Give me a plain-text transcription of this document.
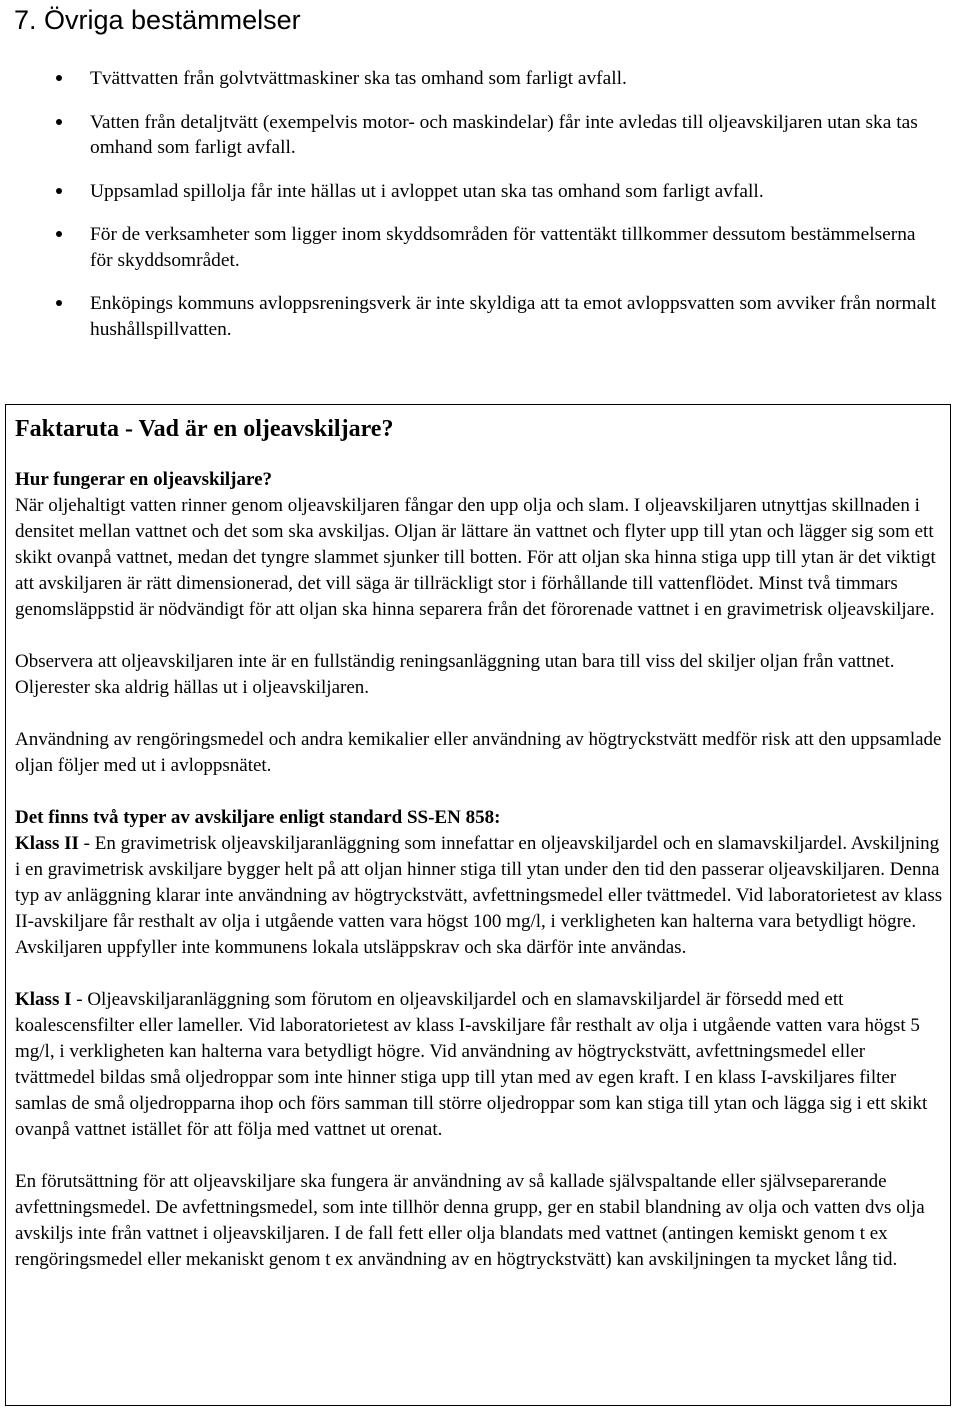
7. Övriga bestämmelser
Tvättvatten från golvtvättmaskiner ska tas omhand som farligt avfall.
Vatten från detaljtvätt (exempelvis motor- och maskindelar) får inte avledas till oljeavskiljaren utan ska tas omhand som farligt avfall.
Uppsamlad spillolja får inte hällas ut i avloppet utan ska tas omhand som farligt avfall.
För de verksamheter som ligger inom skyddsområden för vattentäkt tillkommer dessutom bestämmelserna för skyddsområdet.
Enköpings kommuns avloppsreningsverk är inte skyldiga att ta emot avloppsvatten som avviker från normalt hushållspillvatten.
Faktaruta - Vad är en oljeavskiljare?
Hur fungerar en oljeavskiljare?

När oljehaltigt vatten rinner genom oljeavskiljaren fångar den upp olja och slam. I oljeavskiljaren utnyttjas skillnaden i densitet mellan vattnet och det som ska avskiljas. Oljan är lättare än vattnet och flyter upp till ytan och lägger sig som ett skikt ovanpå vattnet, medan det tyngre slammet sjunker till botten. För att oljan ska hinna stiga upp till ytan är det viktigt att avskiljaren är rätt dimensionerad, det vill säga är tillräckligt stor i förhållande till vattenflödet. Minst två timmars genomsläppstid är nödvändigt för att oljan ska hinna separera från det förorenade vattnet i en gravimetrisk oljeavskiljare.

Observera att oljeavskiljaren inte är en fullständig reningsanläggning utan bara till viss del skiljer oljan från vattnet. Oljerester ska aldrig hällas ut i oljeavskiljaren.

Användning av rengöringsmedel och andra kemikalier eller användning av högtryckstvätt medför risk att den uppsamlade oljan följer med ut i avloppsnätet.

Det finns två typer av avskiljare enligt standard SS-EN 858:

Klass II - En gravimetrisk oljeavskiljaranläggning som innefattar en oljeavskiljardel och en slamavskiljardel. Avskiljning i en gravimetrisk avskiljare bygger helt på att oljan hinner stiga till ytan under den tid den passerar oljeavskiljaren. Denna typ av anläggning klarar inte användning av högtryckstvätt, avfettningsmedel eller tvättmedel. Vid laboratorietest av klass II-avskiljare får resthalt av olja i utgående vatten vara högst 100 mg/l, i verkligheten kan halterna vara betydligt högre. Avskiljaren uppfyller inte kommunens lokala utsläppskrav och ska därför inte användas.

Klass I - Oljeavskiljaranläggning som förutom en oljeavskiljardel och en slamavskiljardel är försedd med ett koalescensfilter eller lameller. Vid laboratorietest av klass I-avskiljare får resthalt av olja i utgående vatten vara högst 5 mg/l, i verkligheten kan halterna vara betydligt högre. Vid användning av högtryckstvätt, avfettningsmedel eller tvättmedel bildas små oljedroppar som inte hinner stiga upp till ytan med av egen kraft. I en klass I-avskiljares filter samlas de små oljedropparna ihop och förs samman till större oljedroppar som kan stiga till ytan och lägga sig i ett skikt ovanpå vattnet istället för att följa med vattnet ut orenat.

En förutsättning för att oljeavskiljare ska fungera är användning av så kallade självspaltande eller självseparerande avfettningsmedel. De avfettningsmedel, som inte tillhör denna grupp, ger en stabil blandning av olja och vatten dvs olja avskiljs inte från vattnet i oljeavskiljaren. I de fall fett eller olja blandats med vattnet (antingen kemiskt genom t ex rengöringsmedel eller mekaniskt genom t ex användning av en högtryckstvätt) kan avskiljningen ta mycket lång tid.
